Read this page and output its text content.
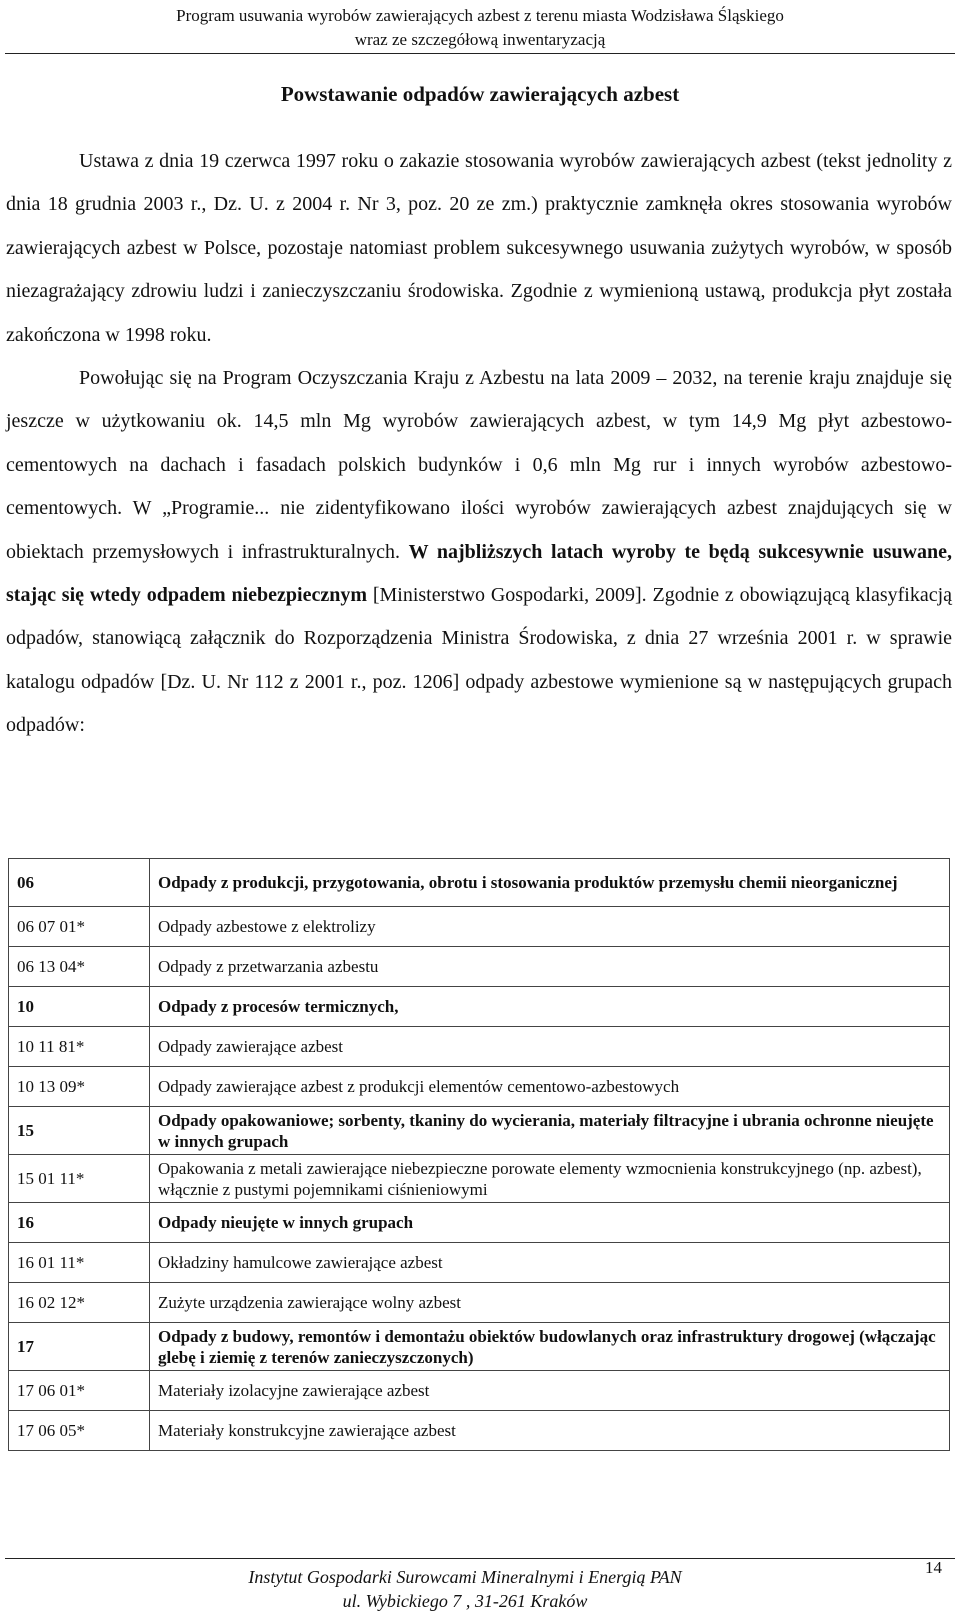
Program usuwania wyrobów zawierających azbest z terenu miasta Wodzisława Śląskiego
wraz ze szczegółową inwentaryzacją
Powstawanie odpadów zawierających azbest

Ustawa z dnia 19 czerwca 1997 roku o zakazie stosowania wyrobów zawierających azbest (tekst jednolity z dnia 18 grudnia 2003 r., Dz. U. z 2004 r. Nr 3, poz. 20 ze zm.) praktycznie zamknęła okres stosowania wyrobów zawierających azbest w Polsce, pozostaje natomiast problem sukcesywnego usuwania zużytych wyrobów, w sposób niezagrażający zdrowiu ludzi i zanieczyszczaniu środowiska. Zgodnie z wymienioną ustawą, produkcja płyt została zakończona w 1998 roku.

Powołując się na Program Oczyszczania Kraju z Azbestu na lata 2009 – 2032, na terenie kraju znajduje się jeszcze w użytkowaniu ok. 14,5 mln Mg wyrobów zawierających azbest, w tym 14,9 Mg płyt azbestowo-cementowych na dachach i fasadach polskich budynków i 0,6 mln Mg rur i innych wyrobów azbestowo-cementowych. W „Programie... nie zidentyfikowano ilości wyrobów zawierających azbest znajdujących się w obiektach przemysłowych i infrastrukturalnych. W najbliższych latach wyroby te będą sukcesywnie usuwane, stając się wtedy odpadem niebezpiecznym [Ministerstwo Gospodarki, 2009]. Zgodnie z obowiązującą klasyfikacją odpadów, stanowiącą załącznik do Rozporządzenia Ministra Środowiska, z dnia 27 września 2001 r. w sprawie katalogu odpadów [Dz. U. Nr 112 z 2001 r., poz. 1206] odpady azbestowe wymienione są w następujących grupach odpadów:

06	Odpady z produkcji, przygotowania, obrotu i stosowania produktów przemysłu chemii nieorganicznej
06 07 01*	Odpady azbestowe z elektrolizy
06 13 04*	Odpady z przetwarzania azbestu
10	Odpady z procesów termicznych,
10 11 81*	Odpady zawierające azbest
10 13 09*	Odpady zawierające azbest z produkcji elementów cementowo-azbestowych
15	Odpady opakowaniowe; sorbenty, tkaniny do wycierania, materiały filtracyjne i ubrania ochronne nieujęte w innych grupach
15 01 11*	Opakowania z metali zawierające niebezpieczne porowate elementy wzmocnienia konstrukcyjnego (np. azbest), włącznie z pustymi pojemnikami ciśnieniowymi
16	Odpady nieujęte w innych grupach
16 01 11*	Okładziny hamulcowe zawierające azbest
16 02 12*	Zużyte urządzenia zawierające wolny azbest
17	Odpady z budowy, remontów i demontażu obiektów budowlanych oraz infrastruktury drogowej (włączając glebę i ziemię z terenów zanieczyszczonych)
17 06 01*	Materiały izolacyjne zawierające azbest
17 06 05*	Materiały konstrukcyjne zawierające azbest
Instytut Gospodarki Surowcami Mineralnymi i Energią PAN
ul. Wybickiego 7 , 31-261 Kraków
14
